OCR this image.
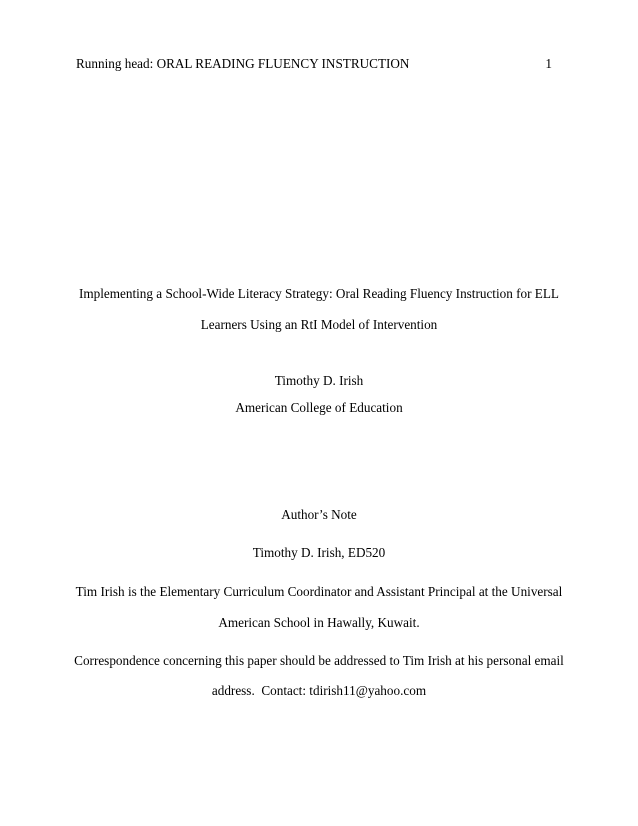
Running head: ORAL READING FLUENCY INSTRUCTION	1
Implementing a School-Wide Literacy Strategy: Oral Reading Fluency Instruction for ELL
Learners Using an RtI Model of Intervention
Timothy D. Irish
American College of Education
Author’s Note
Timothy D. Irish, ED520
Tim Irish is the Elementary Curriculum Coordinator and Assistant Principal at the Universal
American School in Hawally, Kuwait.
Correspondence concerning this paper should be addressed to Tim Irish at his personal email
address.  Contact: tdirish11@yahoo.com
